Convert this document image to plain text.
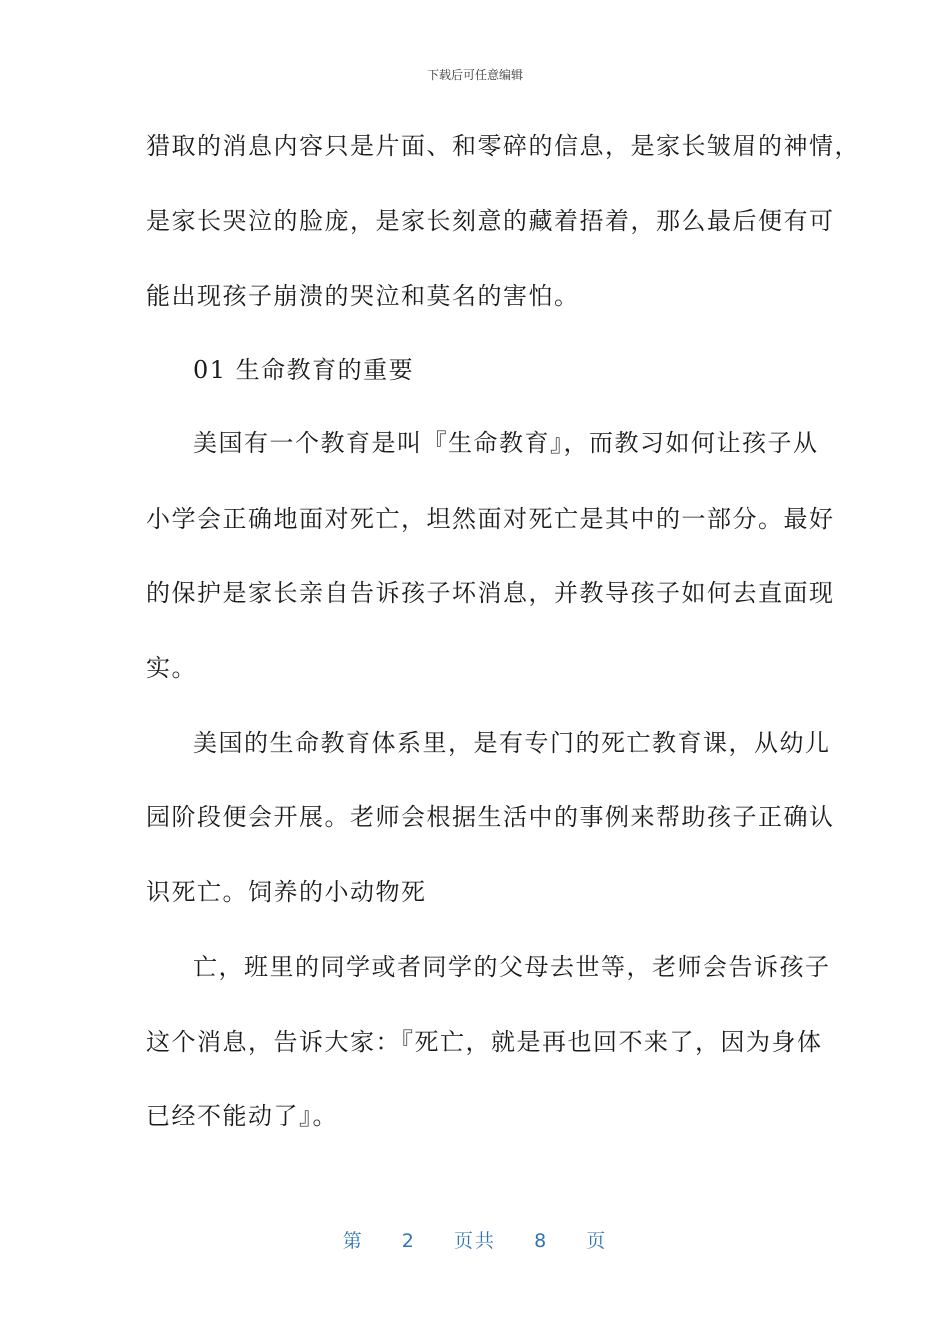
下载后可任意编辑
猎取的消息内容只是片面、和零碎的信息，是家长皱眉的神情，
是家长哭泣的脸庞，是家长刻意的藏着捂着，那么最后便有可
能出现孩子崩溃的哭泣和莫名的害怕。
01 生命教育的重要
美国有一个教育是叫『生命教育』，而教习如何让孩子从
小学会正确地面对死亡，坦然面对死亡是其中的一部分。最好
的保护是家长亲自告诉孩子坏消息，并教导孩子如何去直面现
实。
美国的生命教育体系里，是有专门的死亡教育课，从幼儿
园阶段便会开展。老师会根据生活中的事例来帮助孩子正确认
识死亡。饲养的小动物死
亡，班里的同学或者同学的父母去世等，老师会告诉孩子
这个消息，告诉大家：『死亡，就是再也回不来了，因为身体
已经不能动了』。
第 2 页共 8 页
